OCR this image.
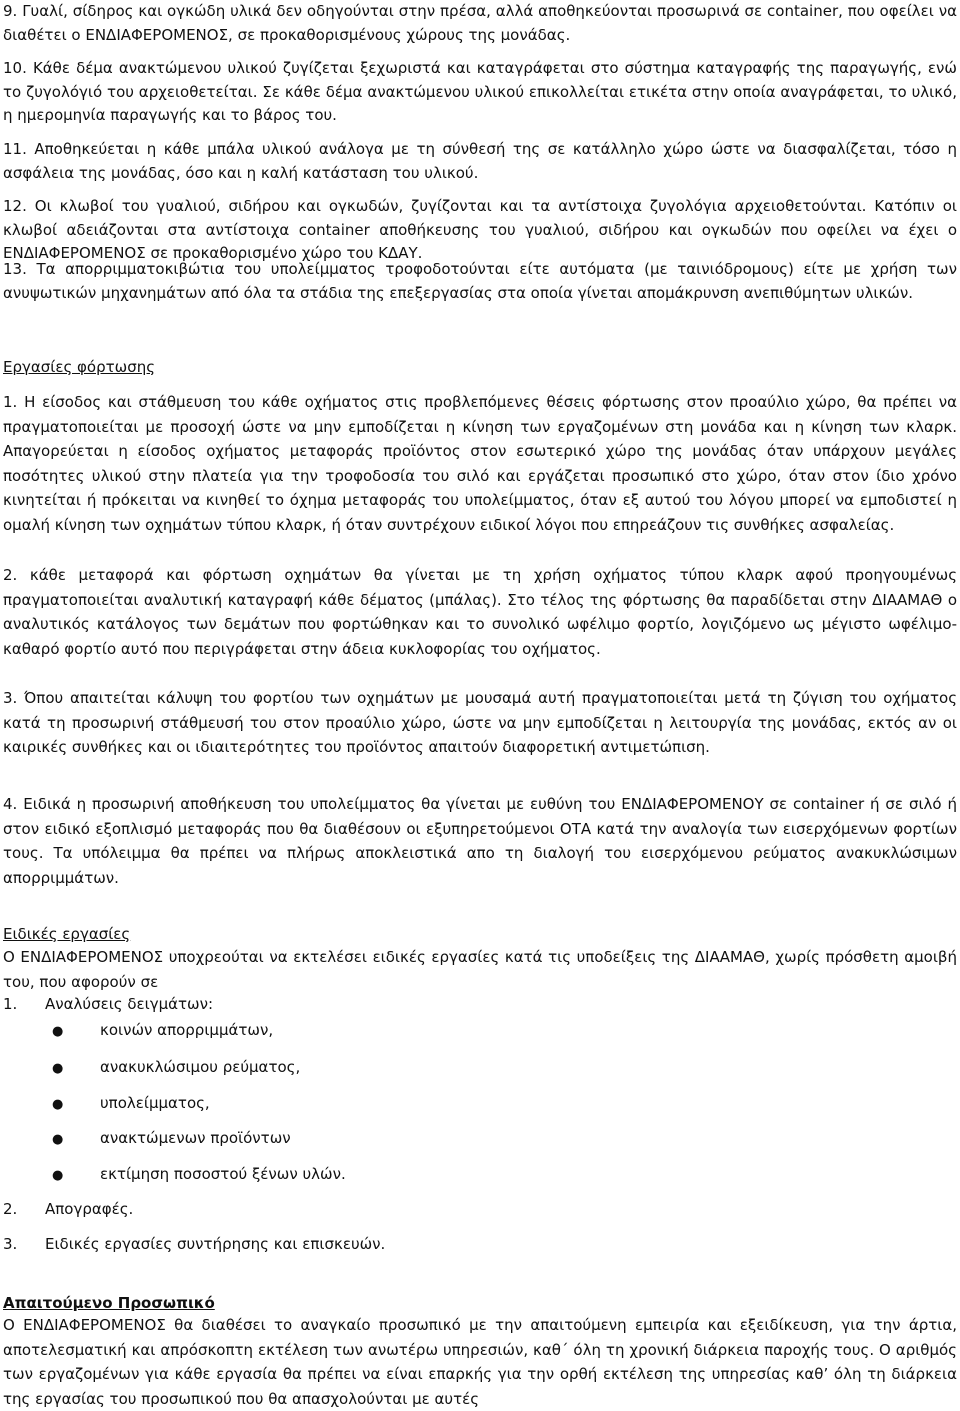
9. Γυαλί, σίδηρος και ογκώδη υλικά δεν οδηγούνται στην πρέσα, αλλά αποθηκεύονται προσωρινά σε container, που οφείλει να διαθέτει ο ΕΝΔΙΑΦΕΡΟΜΕΝΟΣ, σε προκαθορισμένους χώρους της μονάδας.

10. Κάθε δέμα ανακτώμενου υλικού ζυγίζεται ξεχωριστά και καταγράφεται στο σύστημα καταγραφής της παραγωγής, ενώ το ζυγολόγιό του αρχειοθετείται. Σε κάθε δέμα ανακτώμενου υλικού επικολλείται ετικέτα στην οποία αναγράφεται, το υλικό, η ημερομηνία παραγωγής και το βάρος του.

11. Αποθηκεύεται η κάθε μπάλα υλικού ανάλογα με τη σύνθεσή της σε κατάλληλο χώρο ώστε να διασφαλίζεται, τόσο η ασφάλεια της μονάδας, όσο και η καλή κατάσταση του υλικού.

12. Οι κλωβοί του γυαλιού, σιδήρου και ογκωδών, ζυγίζονται και τα αντίστοιχα ζυγολόγια αρχειοθετούνται. Κατόπιν οι κλωβοί αδειάζονται στα αντίστοιχα container αποθήκευσης του γυαλιού, σιδήρου και ογκωδών που οφείλει να έχει ο ΕΝΔΙΑΦΕΡΟΜΕΝΟΣ σε προκαθορισμένο χώρο του ΚΔΑΥ.

13. Τα απορριμματοκιβώτια του υπολείμματος τροφοδοτούνται είτε αυτόματα (με ταινιόδρομους) είτε με χρήση των ανυψωτικών μηχανημάτων από όλα τα στάδια της επεξεργασίας στα οποία γίνεται απομάκρυνση ανεπιθύμητων υλικών.

Εργασίες φόρτωσης

1. Η είσοδος και στάθμευση του κάθε οχήματος στις προβλεπόμενες θέσεις φόρτωσης στον προαύλιο χώρο, θα πρέπει να πραγματοποιείται με προσοχή ώστε να μην εμποδίζεται η κίνηση των εργαζομένων στη μονάδα και η κίνηση των κλαρκ. Απαγορεύεται η είσοδος οχήματος μεταφοράς προϊόντος στον εσωτερικό χώρο της μονάδας όταν υπάρχουν μεγάλες ποσότητες υλικού στην πλατεία για την τροφοδοσία του σιλό και εργάζεται προσωπικό στο χώρο, όταν στον ίδιο χρόνο κινητείται ή πρόκειται να κινηθεί το όχημα μεταφοράς του υπολείμματος, όταν εξ αυτού του λόγου μπορεί να εμποδιστεί η ομαλή κίνηση των οχημάτων τύπου κλαρκ, ή όταν συντρέχουν ειδικοί λόγοι που επηρεάζουν τις συνθήκες ασφαλείας.

2. κάθε μεταφορά και φόρτωση οχημάτων θα γίνεται με τη χρήση οχήματος τύπου κλαρκ αφού προηγουμένως πραγματοποιείται αναλυτική καταγραφή κάθε δέματος (μπάλας). Στο τέλος της φόρτωσης θα παραδίδεται στην ΔΙΑΑΜΑΘ ο αναλυτικός κατάλογος των δεμάτων που φορτώθηκαν και το συνολικό ωφέλιμο φορτίο, λογιζόμενο ως μέγιστο ωφέλιμο-καθαρό φορτίο αυτό που περιγράφεται στην άδεια κυκλοφορίας του οχήματος.

3. Όπου απαιτείται κάλυψη του φορτίου των οχημάτων με μουσαμά αυτή πραγματοποιείται μετά τη ζύγιση του οχήματος κατά τη προσωρινή στάθμευσή του στον προαύλιο χώρο, ώστε να μην εμποδίζεται η λειτουργία της μονάδας, εκτός αν οι καιρικές συνθήκες και οι ιδιαιτερότητες του προϊόντος απαιτούν διαφορετική αντιμετώπιση.

4. Ειδικά η προσωρινή αποθήκευση του υπολείμματος θα γίνεται με ευθύνη του ΕΝΔΙΑΦΕΡΟΜΕΝΟΥ σε container ή σε σιλό ή στον ειδικό εξοπλισμό μεταφοράς που θα διαθέσουν οι εξυπηρετούμενοι ΟΤΑ κατά την αναλογία των εισερχόμενων φορτίων τους. Τα υπόλειμμα θα πρέπει να πλήρως αποκλειστικά απο τη διαλογή του εισερχόμενου ρεύματος ανακυκλώσιμων απορριμμάτων.

Ειδικές εργασίες

Ο ΕΝΔΙΑΦΕΡΟΜΕΝΟΣ υποχρεούται να εκτελέσει ειδικές εργασίες κατά τις υποδείξεις της ΔΙΑΑΜΑΘ, χωρίς πρόσθετη αμοιβή του, που αφορούν σε

1. Αναλύσεις δειγμάτων:

● κοινών απορριμμάτων,

● ανακυκλώσιμου ρεύματος,

● υπολείμματος,

● ανακτώμενων προϊόντων

● εκτίμηση ποσοστού ξένων υλών.

2. Απογραφές.

3. Ειδικές εργασίες συντήρησης και επισκευών.

Απαιτούμενο Προσωπικό

Ο ΕΝΔΙΑΦΕΡΟΜΕΝΟΣ θα διαθέσει το αναγκαίο προσωπικό με την απαιτούμενη εμπειρία και εξειδίκευση, για την άρτια, αποτελεσματική και απρόσκοπτη εκτέλεση των ανωτέρω υπηρεσιών, καθ΄ όλη τη χρονική διάρκεια παροχής τους. Ο αριθμός των εργαζομένων για κάθε εργασία θα πρέπει να είναι επαρκής για την ορθή εκτέλεση της υπηρεσίας καθ’ όλη τη διάρκεια της εργασίας του προσωπικού που θα απασχολούνται με αυτές
